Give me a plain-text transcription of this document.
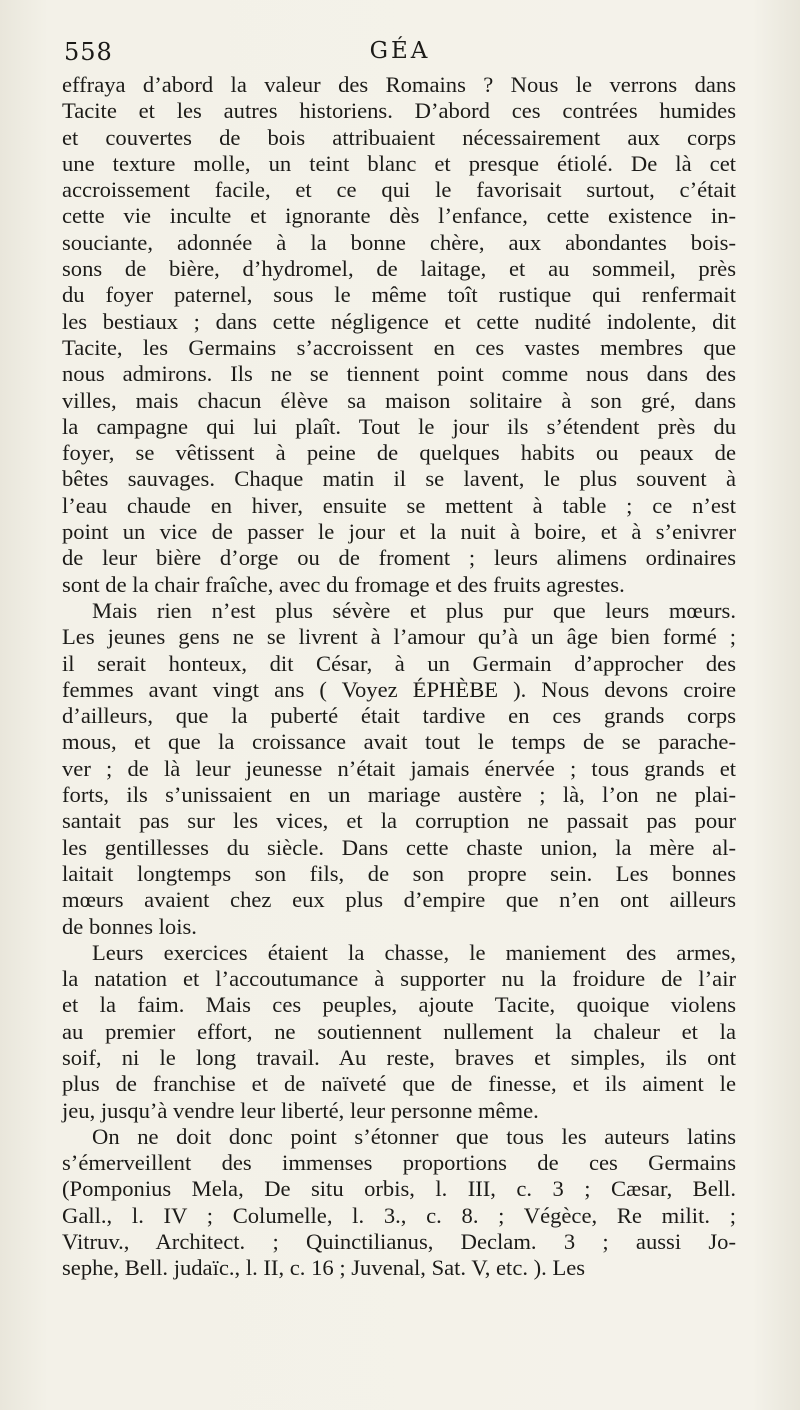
558	GÉA
effraya d’abord la valeur des Romains ? Nous le verrons dans
Tacite et les autres historiens. D’abord ces contrées humides
et couvertes de bois attribuaient nécessairement aux corps
une texture molle, un teint blanc et presque étiolé. De là cet
accroissement facile, et ce qui le favorisait surtout, c’était
cette vie inculte et ignorante dès l’enfance, cette existence in-
souciante, adonnée à la bonne chère, aux abondantes bois-
sons de bière, d’hydromel, de laitage, et au sommeil, près
du foyer paternel, sous le même toît rustique qui renfermait
les bestiaux ; dans cette négligence et cette nudité indolente, dit
Tacite, les Germains s’accroissent en ces vastes membres que
nous admirons. Ils ne se tiennent point comme nous dans des
villes, mais chacun élève sa maison solitaire à son gré, dans
la campagne qui lui plaît. Tout le jour ils s’étendent près du
foyer, se vêtissent à peine de quelques habits ou peaux de
bêtes sauvages. Chaque matin il se lavent, le plus souvent à
l’eau chaude en hiver, ensuite se mettent à table ; ce n’est
point un vice de passer le jour et la nuit à boire, et à s’enivrer
de leur bière d’orge ou de froment ; leurs alimens ordinaires
sont de la chair fraîche, avec du fromage et des fruits agrestes.
Mais rien n’est plus sévère et plus pur que leurs mœurs.
Les jeunes gens ne se livrent à l’amour qu’à un âge bien formé ;
il serait honteux, dit César, à un Germain d’approcher des
femmes avant vingt ans ( Voyez ÉPHÈBE ). Nous devons croire
d’ailleurs, que la puberté était tardive en ces grands corps
mous, et que la croissance avait tout le temps de se parache-
ver ; de là leur jeunesse n’était jamais énervée ; tous grands et
forts, ils s’unissaient en un mariage austère ; là, l’on ne plai-
santait pas sur les vices, et la corruption ne passait pas pour
les gentillesses du siècle. Dans cette chaste union, la mère al-
laitait longtemps son fils, de son propre sein. Les bonnes
mœurs avaient chez eux plus d’empire que n’en ont ailleurs
de bonnes lois.
Leurs exercices étaient la chasse, le maniement des armes,
la natation et l’accoutumance à supporter nu la froidure de l’air
et la faim. Mais ces peuples, ajoute Tacite, quoique violens
au premier effort, ne soutiennent nullement la chaleur et la
soif, ni le long travail. Au reste, braves et simples, ils ont
plus de franchise et de naïveté que de finesse, et ils aiment le
jeu, jusqu’à vendre leur liberté, leur personne même.
On ne doit donc point s’étonner que tous les auteurs latins
s’émerveillent des immenses proportions de ces Germains
(Pomponius Mela, De situ orbis, l. III, c. 3 ; Cæsar, Bell.
Gall., l. IV ; Columelle, l. 3., c. 8. ; Végèce, Re milit. ;
Vitruv., Architect. ; Quinctilianus, Declam. 3 ; aussi Jo-
sephe, Bell. judaïc., l. II, c. 16 ; Juvenal, Sat. V, etc. ). Les
